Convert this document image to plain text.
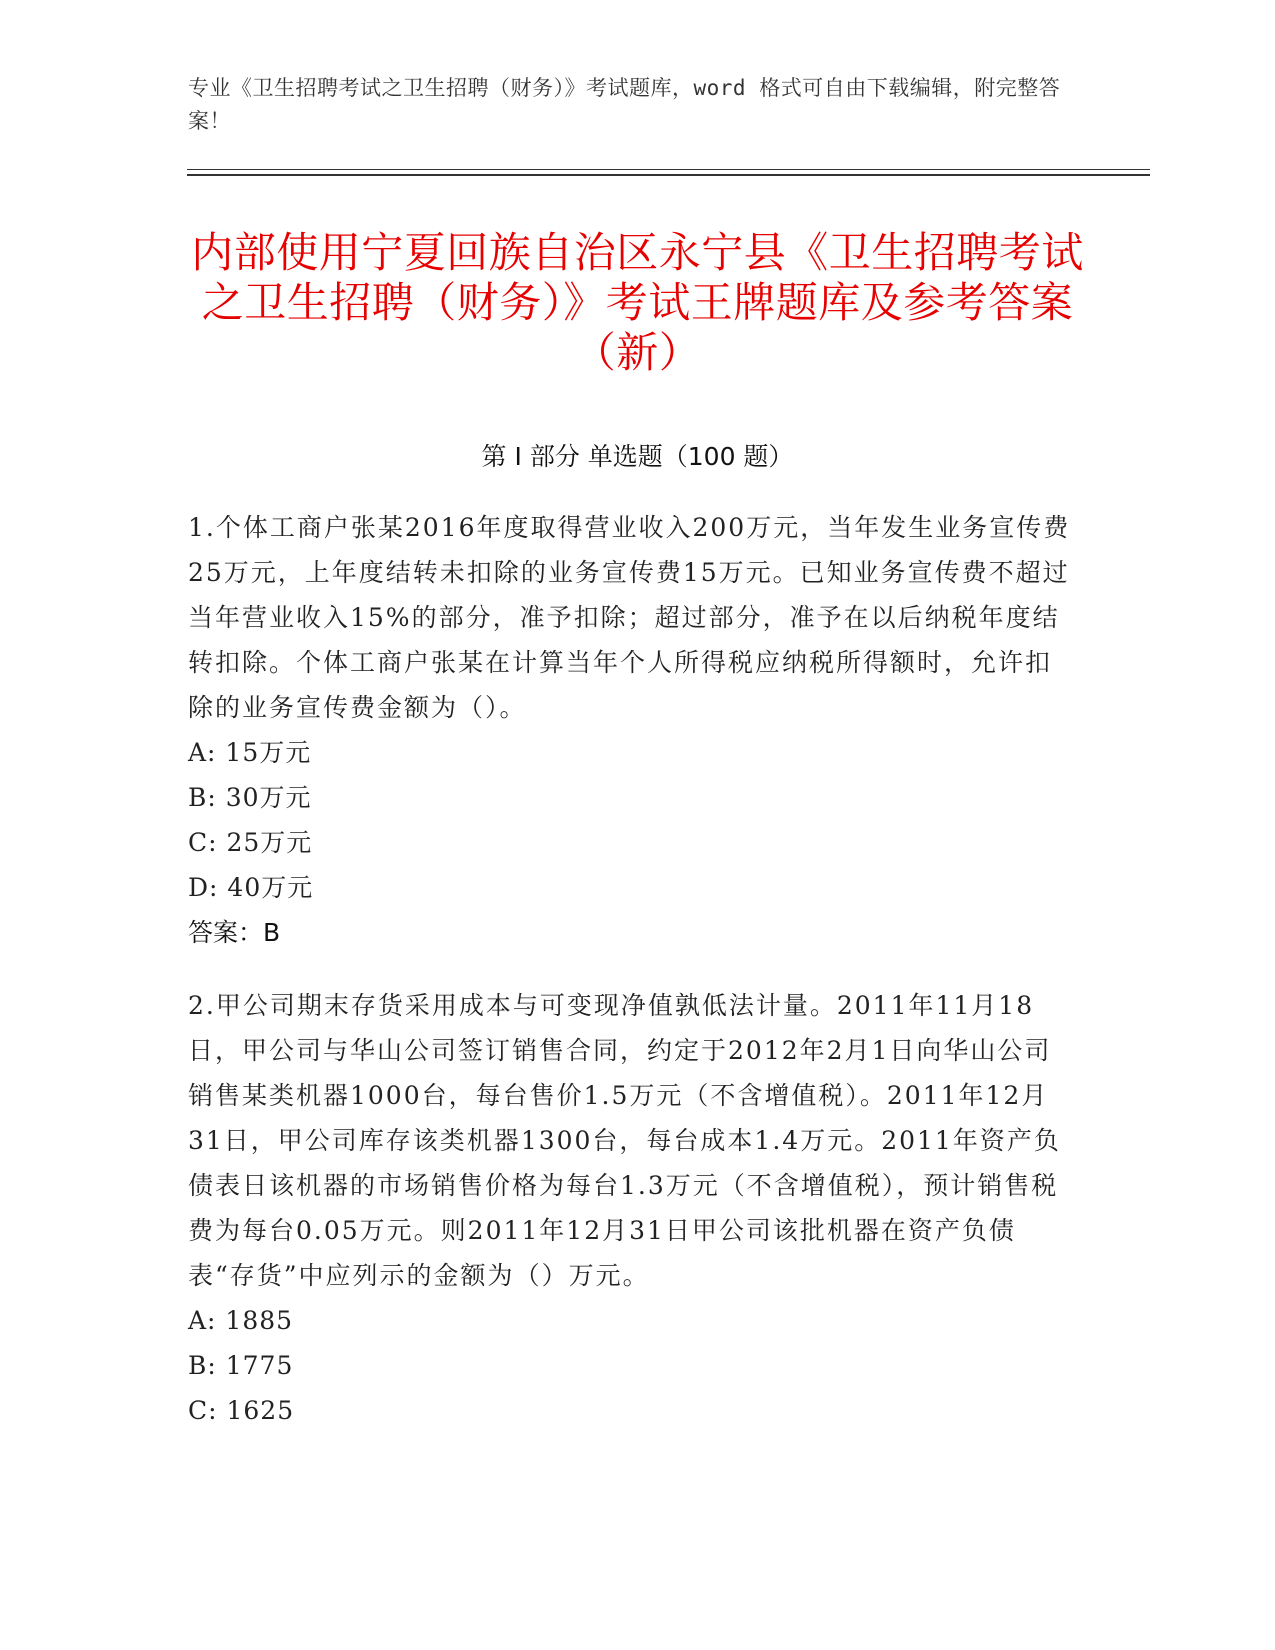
专业《卫生招聘考试之卫生招聘（财务）》考试题库，word 格式可自由下载编辑，附完整答案！
内部使用宁夏回族自治区永宁县《卫生招聘考试之卫生招聘（财务）》考试王牌题库及参考答案（新）
第 I 部分 单选题（100 题）
1.个体工商户张某2016年度取得营业收入200万元，当年发生业务宣传费25万元，上年度结转未扣除的业务宣传费15万元。已知业务宣传费不超过当年营业收入15%的部分，准予扣除；超过部分，准予在以后纳税年度结转扣除。个体工商户张某在计算当年个人所得税应纳税所得额时，允许扣除的业务宣传费金额为（）。
A: 15万元
B: 30万元
C: 25万元
D: 40万元
答案：B
2.甲公司期末存货采用成本与可变现净值孰低法计量。2011年11月18日，甲公司与华山公司签订销售合同，约定于2012年2月1日向华山公司销售某类机器1000台，每台售价1.5万元（不含增值税）。2011年12月31日，甲公司库存该类机器1300台，每台成本1.4万元。2011年资产负债表日该机器的市场销售价格为每台1.3万元（不含增值税），预计销售税费为每台0.05万元。则2011年12月31日甲公司该批机器在资产负债表“存货”中应列示的金额为（）万元。
A: 1885
B: 1775
C: 1625
